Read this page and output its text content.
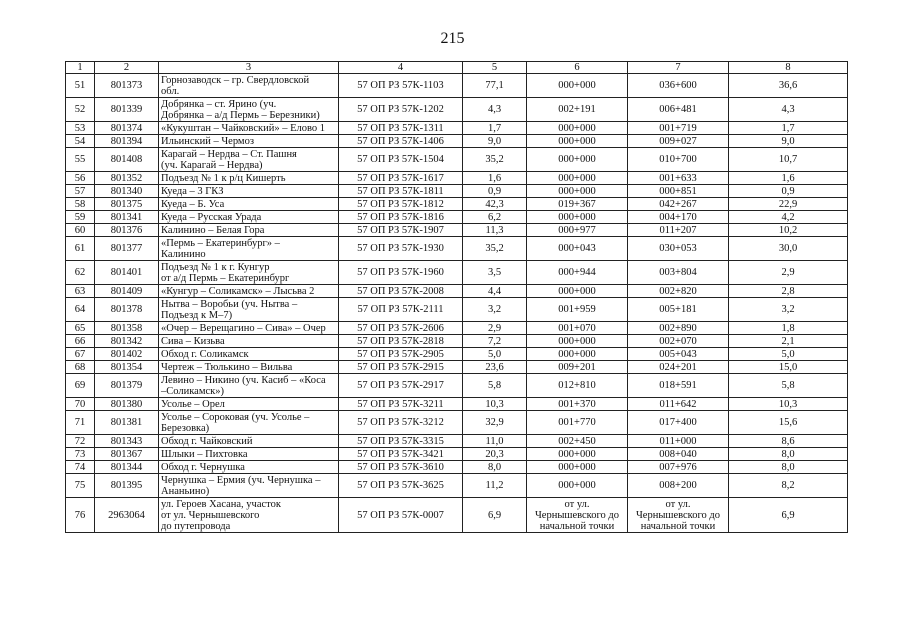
215
1	2	3	4	5	6	7	8
51	801373	Горнозаводск – гр. Свердловской
обл.	57 ОП РЗ 57К-1103	77,1	000+000	036+600	36,6
52	801339	Добрянка – ст. Ярино (уч.
Добрянка – а/д Пермь – Березники)	57 ОП РЗ 57К-1202	4,3	002+191	006+481	4,3
53	801374	«Кукуштан – Чайковский» – Елово 1	57 ОП РЗ 57К-1311	1,7	000+000	001+719	1,7
54	801394	Ильинский – Чермоз	57 ОП РЗ 57К-1406	9,0	000+000	009+027	9,0
55	801408	Карагай – Нердва – Ст. Пашня
(уч. Карагай – Нердва)	57 ОП РЗ 57К-1504	35,2	000+000	010+700	10,7
56	801352	Подъезд № 1 к р/ц Кишерть	57 ОП РЗ 57К-1617	1,6	000+000	001+633	1,6
57	801340	Куеда – 3 ГКЗ	57 ОП РЗ 57К-1811	0,9	000+000	000+851	0,9
58	801375	Куеда – Б. Уса	57 ОП РЗ 57К-1812	42,3	019+367	042+267	22,9
59	801341	Куеда – Русская Урада	57 ОП РЗ 57К-1816	6,2	000+000	004+170	4,2
60	801376	Калинино – Белая Гора	57 ОП РЗ 57К-1907	11,3	000+977	011+207	10,2
61	801377	«Пермь – Екатеринбург» –
Калинино	57 ОП РЗ 57К-1930	35,2	000+043	030+053	30,0
62	801401	Подъезд № 1 к г. Кунгур
от а/д Пермь – Екатеринбург	57 ОП РЗ 57К-1960	3,5	000+944	003+804	2,9
63	801409	«Кунгур – Соликамск» – Лысьва 2	57 ОП РЗ 57К-2008	4,4	000+000	002+820	2,8
64	801378	Нытва – Воробьи (уч. Нытва –
Подъезд к М–7)	57 ОП РЗ 57К-2111	3,2	001+959	005+181	3,2
65	801358	«Очер – Верещагино – Сива» – Очер	57 ОП РЗ 57К-2606	2,9	001+070	002+890	1,8
66	801342	Сива – Кизьва	57 ОП РЗ 57К-2818	7,2	000+000	002+070	2,1
67	801402	Обход г. Соликамск	57 ОП РЗ 57К-2905	5,0	000+000	005+043	5,0
68	801354	Чертеж – Тюлькино – Вильва	57 ОП РЗ 57К-2915	23,6	009+201	024+201	15,0
69	801379	Левино – Никино (уч. Касиб – «Коса
–Соликамск»)	57 ОП РЗ 57К-2917	5,8	012+810	018+591	5,8
70	801380	Усолье – Орел	57 ОП РЗ 57К-3211	10,3	001+370	011+642	10,3
71	801381	Усолье – Сороковая (уч. Усолье –
Березовка)	57 ОП РЗ 57К-3212	32,9	001+770	017+400	15,6
72	801343	Обход г. Чайковский	57 ОП РЗ 57К-3315	11,0	002+450	011+000	8,6
73	801367	Шлыки – Пихтовка	57 ОП РЗ 57К-3421	20,3	000+000	008+040	8,0
74	801344	Обход г. Чернушка	57 ОП РЗ 57К-3610	8,0	000+000	007+976	8,0
75	801395	Чернушка – Ермия (уч. Чернушка –
Ананьино)	57 ОП РЗ 57К-3625	11,2	000+000	008+200	8,2
76	2963064	ул. Героев Хасана, участок
от ул. Чернышевского
до путепровода	57 ОП РЗ 57К-0007	6,9	от ул.
Чернышевского до
начальной точки	от ул.
Чернышевского до
начальной точки	6,9
